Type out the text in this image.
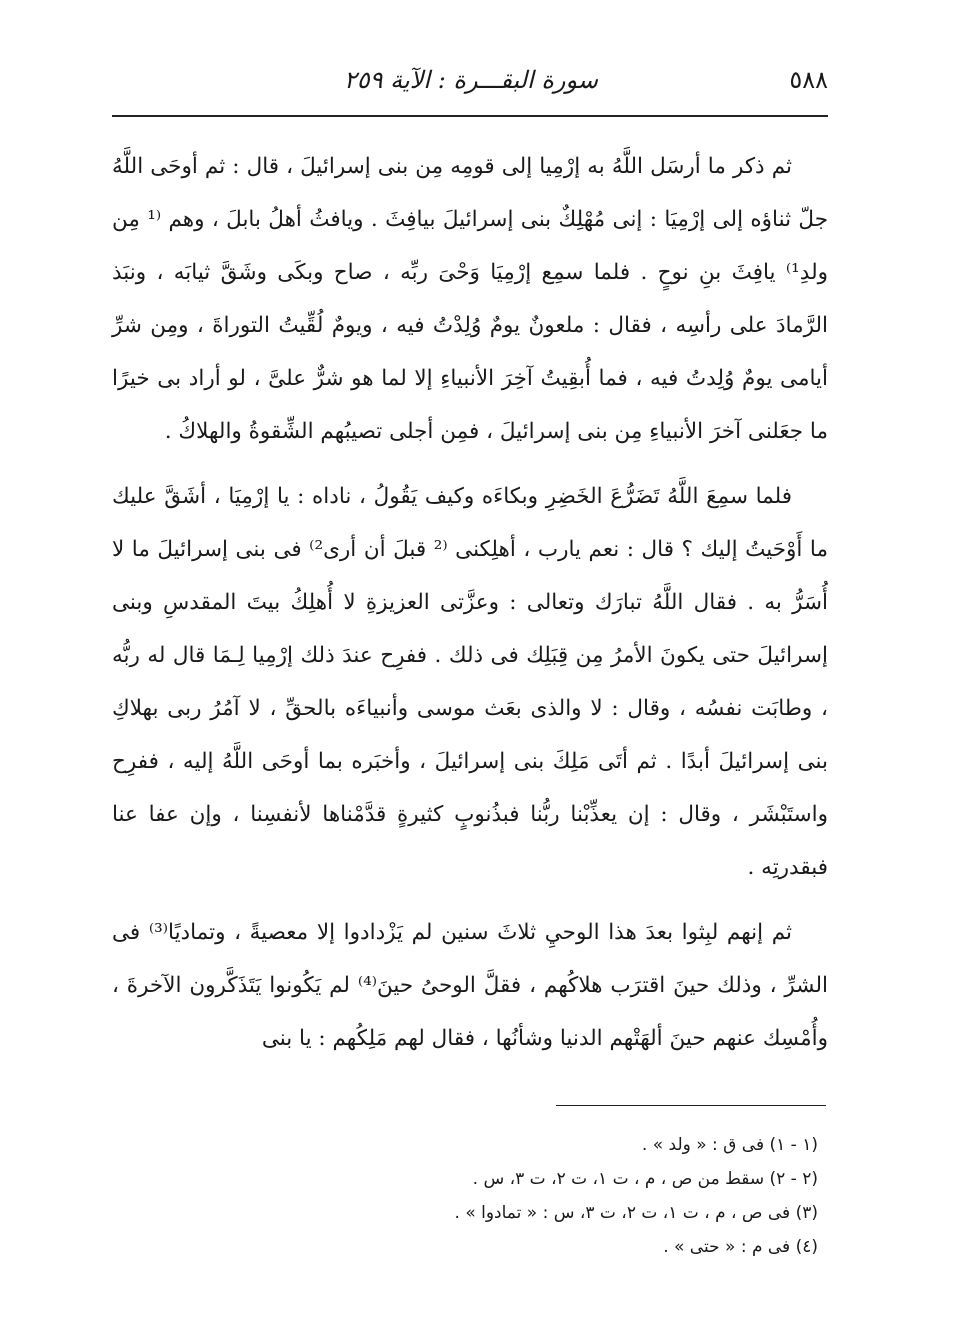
٥٨٨
سورة البقـــرة : الآية ٢٥٩

ثم ذكر ما أرسَل اللَّهُ به إرْمِيا إلى قومِه مِن بنى إسرائيلَ ، قال : ثم أوحَى اللَّهُ جلّ ثناؤه إلى إرْمِيَا : إنى مُهْلِكٌ بنى إسرائيلَ بيافِثَ . ويافثُ أهلُ بابلَ ، وهم ⁽¹ مِن ولدِ¹⁾ يافِثَ بنِ نوحٍ . فلما سمِع إرْمِيَا وَحْىَ ربِّه ، صاح وبكَى وشَقَّ ثيابَه ، ونبَذ الرَّمادَ على رأسِه ، فقال : ملعونٌ يومٌ وُلِدْتُ فيه ، ويومٌ لُقِّيتُ التوراةَ ، ومِن شرِّ أيامى يومٌ وُلِدتُ فيه ، فما أُبقِيتُ آخِرَ الأنبياءِ إلا لما هو شرٌّ علىَّ ، لو أراد بى خيرًا ما جعَلنى آخرَ الأنبياءِ مِن بنى إسرائيلَ ، فمِن أجلى تصيبُهم الشِّقوةُ والهلاكُ .

فلما سمِعَ اللَّهُ تَضَرُّعَ الخَضِرِ وبكاءَه وكيف يَقُولُ ، ناداه : يا إرْمِيَا ، أشَقَّ عليك ما أَوْحَيتُ إليك ؟ قال : نعم يارب ، أهلِكنى ⁽² قبلَ أن أرى²⁾ فى بنى إسرائيلَ ما لا أُسَرُّ به . فقال اللَّهُ تبارَك وتعالى : وعزَّتى العزيزةِ لا أُهلِكُ بيتَ المقدسِ وبنى إسرائيلَ حتى يكونَ الأمرُ مِن قِبَلِك فى ذلك . ففرِح عندَ ذلك إرْمِيا لِـمَا قال له ربُّه ، وطابَت نفسُه ، وقال : لا والذى بعَث موسى وأنبياءَه بالحقِّ ، لا آمُرُ ربى بهلاكِ بنى إسرائيلَ أبدًا . ثم أتَى مَلِكَ بنى إسرائيلَ ، وأخبَره بما أوحَى اللَّهُ إليه ، ففرِح واستَبْشَر ، وقال : إن يعذِّبْنا ربُّنا فبذُنوبٍ كثيرةٍ قدَّمْناها لأنفسِنا ، وإن عفا عنا فبقدرتِه .

ثم إنهم لبِثوا بعدَ هذا الوحيِ ثلاثَ سنين لم يَزْدادوا إلا معصيةً ، وتماديًا⁽³⁾ فى الشرِّ ، وذلك حينَ اقترَب هلاكُهم ، فقلَّ الوحىُ حينَ⁽⁴⁾ لم يَكُونوا يَتَذَكَّرون الآخرةَ ، وأُمْسِك عنهم حينَ ألهَتْهم الدنيا وشأنُها ، فقال لهم مَلِكُهم : يا بنى

(١ - ١) فى ق : « ولد » .
(٢ - ٢) سقط من ص ، م ، ت ١، ت ٢، ت ٣، س .
(٣) فى ص ، م ، ت ١، ت ٢، ت ٣، س : « تمادوا » .
(٤) فى م : « حتى » .
